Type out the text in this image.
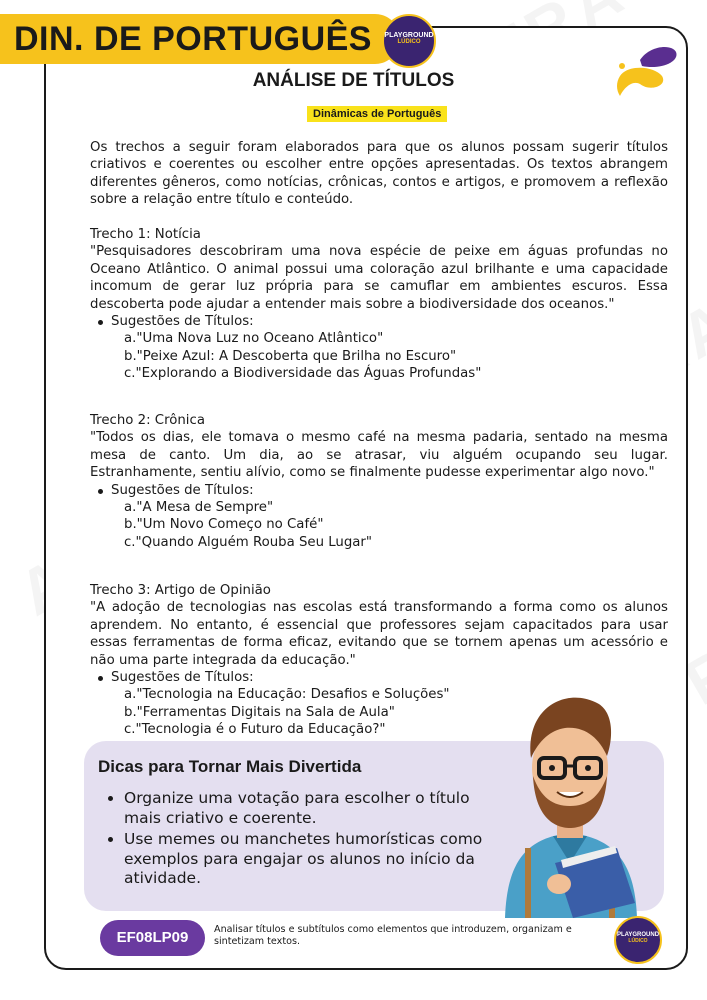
DIN. DE PORTUGUÊS PLAYGROUND
LÚDICO
ANÁLISE DE TÍTULOS
Dinâmicas de Português
Os trechos a seguir foram elaborados para que os alunos possam sugerir títulos criativos e coerentes ou escolher entre opções apresentadas. Os textos abrangem diferentes gêneros, como notícias, crônicas, contos e artigos, e promovem a reflexão sobre a relação entre título e conteúdo.

Trecho 1: Notícia

"Pesquisadores descobriram uma nova espécie de peixe em águas profundas no Oceano Atlântico. O animal possui uma coloração azul brilhante e uma capacidade incomum de gerar luz própria para se camuflar em ambientes escuros. Essa descoberta pode ajudar a entender mais sobre a biodiversidade dos oceanos."

Sugestões de Títulos:
a."Uma Nova Luz no Oceano Atlântico"
b."Peixe Azul: A Descoberta que Brilha no Escuro"
c."Explorando a Biodiversidade das Águas Profundas"

Trecho 2: Crônica

"Todos os dias, ele tomava o mesmo café na mesma padaria, sentado na mesma mesa de canto. Um dia, ao se atrasar, viu alguém ocupando seu lugar. Estranhamente, sentiu alívio, como se finalmente pudesse experimentar algo novo."

Sugestões de Títulos:
a."A Mesa de Sempre"
b."Um Novo Começo no Café"
c."Quando Alguém Rouba Seu Lugar"

Trecho 3: Artigo de Opinião

"A adoção de tecnologias nas escolas está transformando a forma como os alunos aprendem. No entanto, é essencial que professores sejam capacitados para usar essas ferramentas de forma eficaz, evitando que se tornem apenas um acessório e não uma parte integrada da educação."

Sugestões de Títulos:
a."Tecnologia na Educação: Desafios e Soluções"
b."Ferramentas Digitais na Sala de Aula"
c."Tecnologia é o Futuro da Educação?"
Dicas para Tornar Mais Divertida
• Organize uma votação para escolher o título mais criativo e coerente.
• Use memes ou manchetes humorísticas como exemplos para engajar os alunos no início da atividade.
EF08LP09	Analisar títulos e subtítulos como elementos que introduzem, organizam e sintetizam textos.
PLAYGROUND
LÚDICO
